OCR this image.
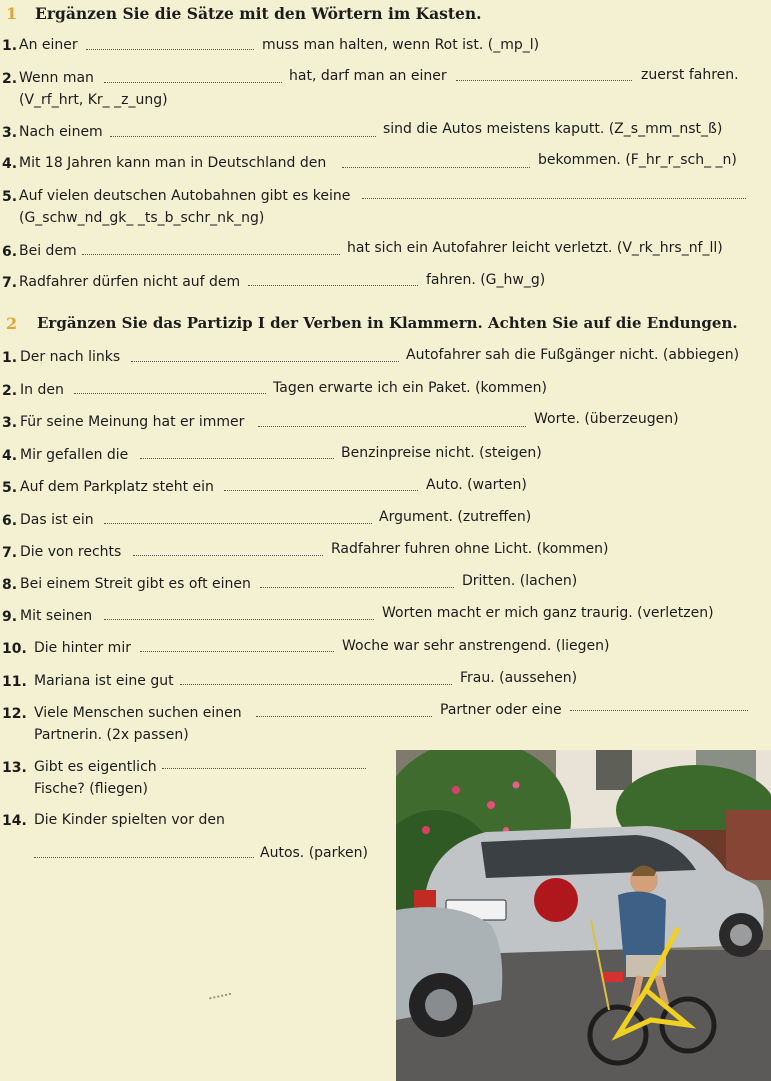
1 Ergänzen Sie die Sätze mit den Wörtern im Kasten.
1. An einer	muss man halten, wenn Rot ist. (_mp_l)
2. Wenn man	hat, darf man an einer	zuerst fahren.
(V_rf_hrt, Kr_ _z_ung)
3. Nach einem	sind die Autos meistens kaputt. (Z_s_mm_nst_ß)
4. Mit 18 Jahren kann man in Deutschland den	bekommen. (F_hr_r_sch_ _n)
5. Auf vielen deutschen Autobahnen gibt es keine
(G_schw_nd_gk_ _ts_b_schr_nk_ng)
6. Bei dem	hat sich ein Autofahrer leicht verletzt. (V_rk_hrs_nf_ll)
7. Radfahrer dürfen nicht auf dem	fahren. (G_hw_g)
2 Ergänzen Sie das Partizip I der Verben in Klammern. Achten Sie auf die Endungen.
1. Der nach links	Autofahrer sah die Fußgänger nicht. (abbiegen)
2. In den	Tagen erwarte ich ein Paket. (kommen)
3. Für seine Meinung hat er immer	Worte. (überzeugen)
4. Mir gefallen die	Benzinpreise nicht. (steigen)
5. Auf dem Parkplatz steht ein	Auto. (warten)
6. Das ist ein	Argument. (zutreffen)
7. Die von rechts	Radfahrer fuhren ohne Licht. (kommen)
8. Bei einem Streit gibt es oft einen	Dritten. (lachen)
9. Mit seinen	Worten macht er mich ganz traurig. (verletzen)
10. Die hinter mir	Woche war sehr anstrengend. (liegen)
11. Mariana ist eine gut	Frau. (aussehen)
12. Viele Menschen suchen einen	Partner oder eine
Partnerin. (2x passen)
13. Gibt es eigentlich
Fische? (fliegen)
14. Die Kinder spielten vor den
Autos. (parken)
